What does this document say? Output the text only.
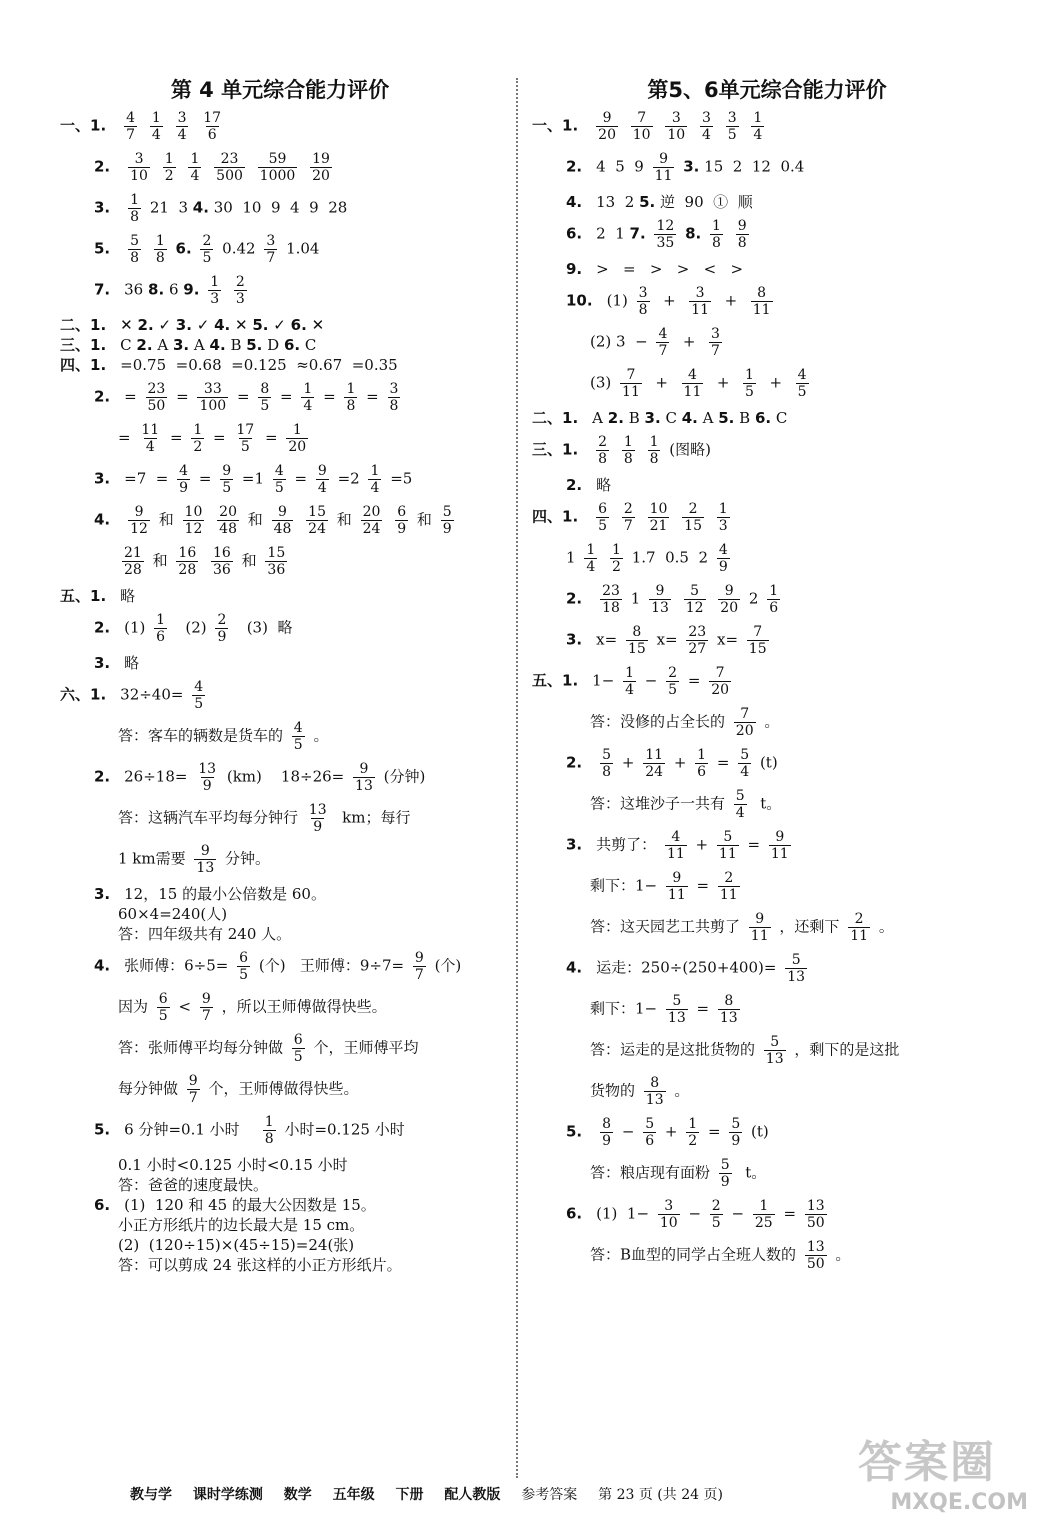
第 4 单元综合能力评价
一、1. $\frac{4}{7}$
$\frac{1}{4}$
$\frac{3}{4}$
$\frac{17}{6}$
2. $\frac{3}{10}$
$\frac{1}{2}$
$\frac{1}{4}$
$\frac{23}{500}$
$\frac{59}{1000}$
$\frac{19}{20}$
3. $\frac{1}{8} 21$  3 4. 30  10  9  4  9  28
5. $\frac{5}{8}$
$\frac{1}{8} 6$. $\frac{2}{5} 0.42 \frac{3}{7} 1.04$
7. 36 8. 6 9. $\frac{1}{3}$
$\frac{2}{3}$
二、1. ✕ 2. ✓ 3. ✓ 4. ✕ 5. ✓ 6. ✕
三、1. C 2. A 3. A 4. B 5. D 6. C
四、1. =0.75  =0.68  =0.125  ≈0.67  =0.35
2. = $\frac{23}{50} = \frac{33}{100} = \frac{8}{5} = \frac{1}{4} = \frac{1}{8} = \frac{3}{8}$
= $\frac{11}{4} = \frac{1}{2} = \frac{17}{5} = \frac{1}{20}$
3. $=7 = \frac{4}{9} = \frac{9}{5} =1 \frac{4}{5} = \frac{9}{4} =2 \frac{1}{4} =5$
4. $\frac{9}{12}$ 和 $\frac{10}{12}$
$\frac{20}{48}$ 和 $\frac{9}{48}$
$\frac{15}{24}$ 和 $\frac{20}{24}$
$\frac{6}{9}$ 和 $\frac{5}{9}$
$\frac{21}{28}$ 和 $\frac{16}{28}$
$\frac{16}{36}$ 和 $\frac{15}{36}$
五、1. 略
2. $(1) \frac{1}{6} (2) \frac{2}{9} (3)$  略
3. 略
六、1. $32\div 40= \frac{4}{5}$
答：客车的辆数是货车的 $\frac{4}{5}$ 。
2. $26\div 18= \frac{13}{9} (km)$    $18\div 26= \frac{9}{13}$ (分钟)
答：这辆汽车平均每分钟行 $\frac{13}{9}$ km；每行
1 km需要 $\frac{9}{13}$ 分钟。
3. 12，15 的最小公倍数是 60。
60×4=240(人)
答：四年级共有 240 人。
4. 张师傅：$6\div 5= \frac{6}{5}$ (个)   王师傅：$9\div 7= \frac{9}{7}$ (个)
因为 $\frac{6}{5} < \frac{9}{7}$ ，所以王师傅做得快些。
答：张师傅平均每分钟做 $\frac{6}{5}$ 个，王师傅平均
每分钟做 $\frac{9}{7}$ 个，王师傅做得快些。
5. 6 分钟=0.1 小时 $\frac{1}{8}$ 小时=0.125 小时
0.1 小时<0.125 小时<0.15 小时
答：爸爸的速度最快。
6. (1)  120 和 45 的最大公因数是 15。
小正方形纸片的边长最大是 15 cm。
(2)  (120÷15)×(45÷15)=24(张)
答：可以剪成 24 张这样的小正方形纸片。
第5、6单元综合能力评价
一、1. $\frac{9}{20}$
$\frac{7}{10}$
$\frac{3}{10}$
$\frac{3}{4}$
$\frac{3}{5}$
$\frac{1}{4}$
2. 4  5  $9 \frac{9}{11} 3$. 15  2  12  0.4
4. 13  2 5. 逆  90  ①  顺
6. 2  1 7. $\frac{12}{35} 8$. $\frac{1}{8}$
$\frac{9}{8}$
9. >   =   >   >   <   >
10. $(1) \frac{3}{8} + \frac{3}{11} + \frac{8}{11}$
(2) $3 - \frac{4}{7} + \frac{3}{7}$
$(3) \frac{7}{11} + \frac{4}{11} + \frac{1}{5} + \frac{4}{5}$
二、1. A 2. B 3. C 4. A 5. B 6. C
三、1. $\frac{2}{8}$
$\frac{1}{8}$
$\frac{1}{8}$ (图略)
2. 略
四、1. $\frac{6}{5}$
$\frac{2}{7}$
$\frac{10}{21}$
$\frac{2}{15}$
$\frac{1}{3}$
$1 \frac{1}{4}$
$\frac{1}{2} 1.7$  0.5  $2 \frac{4}{9}$
2. $\frac{23}{18} 1 \frac{9}{13}$
$\frac{5}{12}$
$\frac{9}{20} 2 \frac{1}{6}$
3. $x= \frac{8}{15} x= \frac{23}{27} x= \frac{7}{15}$
五、1. $1- \frac{1}{4} - \frac{2}{5} = \frac{7}{20}$
答：没修的占全长的 $\frac{7}{20}$ 。
2. $\frac{5}{8} + \frac{11}{24} + \frac{1}{6} = \frac{5}{4} (t)$
答：这堆沙子一共有 $\frac{5}{4}$ t。
3. 共剪了： $\frac{4}{11} + \frac{5}{11} = \frac{9}{11}$
剩下：$1- \frac{9}{11} = \frac{2}{11}$
答：这天园艺工共剪了 $\frac{9}{11}$ ，还剩下 $\frac{2}{11}$ 。
4. 运走：$250\div(250+400)= \frac{5}{13}$
剩下：$1- \frac{5}{13} = \frac{8}{13}$
答：运走的是这批货物的 $\frac{5}{13}$ ，剩下的是这批
货物的 $\frac{8}{13}$ 。
5. $\frac{8}{9} - \frac{5}{6} + \frac{1}{2} = \frac{5}{9} (t)$
答：粮店现有面粉 $\frac{5}{9}$ t。
6. (1)  $1- \frac{3}{10} - \frac{2}{5} - \frac{1}{25} = \frac{13}{50}$
答：B血型的同学占全班人数的 $\frac{13}{50}$ 。
教与学 课时学练测 数学 五年级 下册 配人教版 参考答案 第 23 页 (共 24 页)
答案圈
MXQE.COM
